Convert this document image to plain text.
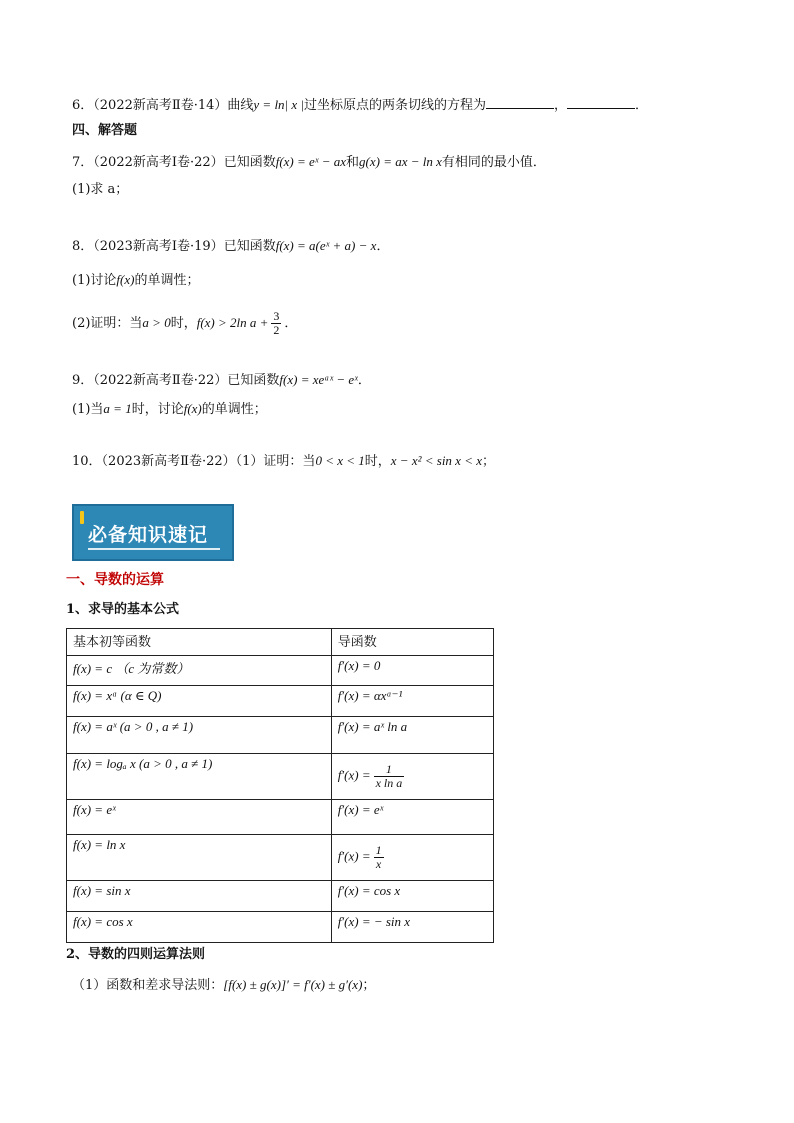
6．（2022新高考Ⅱ卷·14）曲线y = ln| x |过坐标原点的两条切线的方程为	，	．
四、解答题
7．（2022新高考Ⅰ卷·22）已知函数f(x) = eˣ − ax和g(x) = ax − ln x有相同的最小值．
(1)求 a；
8．（2023新高考Ⅰ卷·19）已知函数f(x) = a(eˣ + a) − x．
(1)讨论f(x)的单调性；
(2)证明：当a > 0时，f(x) > 2ln $a + \frac{3}{2}$ ．
9．（2022新高考Ⅱ卷·22）已知函数f(x) = xeᵃˣ − eˣ．
(1)当a = 1时，讨论f(x)的单调性；
10．（2023新高考Ⅱ卷·22）（1）证明：当0 < x < 1时，x − x² < sin x < x；
必备知识速记
一、导数的运算
1、求导的基本公式
基本初等函数	导函数
f(x) = c （c 为常数）	f′(x) = 0
f(x) = xᵅ (α ∈ Q)	f′(x) = αxᵅ⁻¹
f(x) = aˣ (a > 0 , a ≠ 1)	f′(x) = aˣ ln a
f(x) = logₐ x (a > 0 , a ≠ 1)	$f'(x) = \frac{1}{\text{x ln a}}$

f(x) = eˣ	f′(x) = eˣ
f(x) = ln x	$f'(x) = \frac{1}{x}$

f(x) = sin x	f′(x) = cos x
f(x) = cos x	f′(x) = − sin x
2、导数的四则运算法则
（1）函数和差求导法则：[f(x) ± g(x)]′ = f′(x) ± g′(x)；
